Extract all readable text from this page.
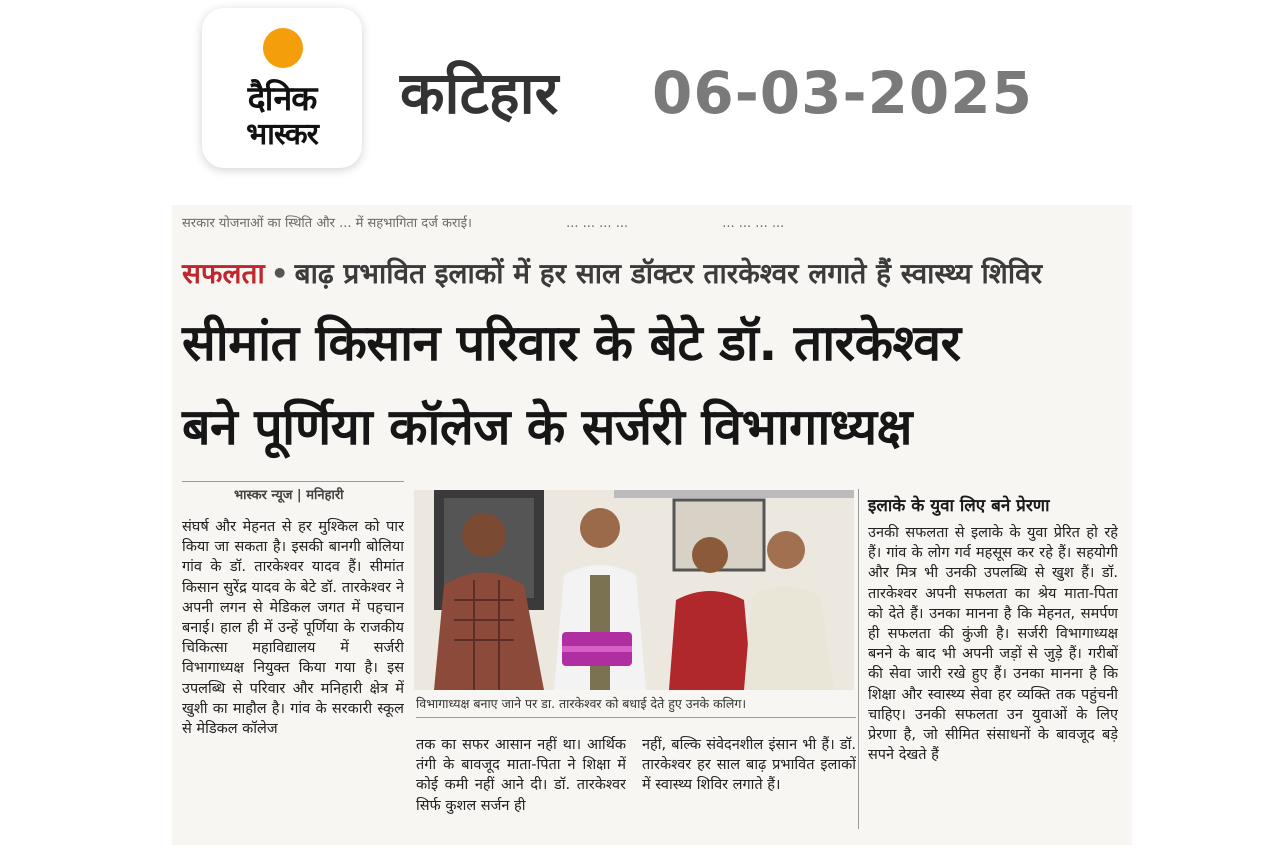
दैनिक
भास्कर
कटिहार 06-03-2025
सरकार योजनाओं का स्थिति और ... में सहभागिता दर्ज कराई।	... ... ... ...	... ... ... ...
सफलता • बाढ़ प्रभावित इलाकों में हर साल डॉक्टर तारकेश्वर लगाते हैं स्वास्थ्य शिविर
सीमांत किसान परिवार के बेटे डॉ. तारकेश्वर
बने पूर्णिया कॉलेज के सर्जरी विभागाध्यक्ष
भास्कर न्यूज | मनिहारी
संघर्ष और मेहनत से हर मुश्किल को पार किया जा सकता है। इसकी बानगी बोलिया गांव के डॉ. तारकेश्वर यादव हैं। सीमांत किसान सुरेंद्र यादव के बेटे डॉ. तारकेश्वर ने अपनी लगन से मेडिकल जगत में पहचान बनाई। हाल ही में उन्हें पूर्णिया के राजकीय चिकित्सा महाविद्यालय में सर्जरी विभागाध्यक्ष नियुक्त किया गया है। इस उपलब्धि से परिवार और मनिहारी क्षेत्र में खुशी का माहौल है। गांव के सरकारी स्कूल से मेडिकल कॉलेज
विभागाध्यक्ष बनाए जाने पर डा. तारकेश्वर को बधाई देते हुए उनके कलिग।
तक का सफर आसान नहीं था। आर्थिक तंगी के बावजूद माता-पिता ने शिक्षा में कोई कमी नहीं आने दी। डॉ. तारकेश्वर सिर्फ कुशल सर्जन ही
नहीं, बल्कि संवेदनशील इंसान भी हैं। डॉ. तारकेश्वर हर साल बाढ़ प्रभावित इलाकों में स्वास्थ्य शिविर लगाते हैं।
इलाके के युवा लिए बने प्रेरणा
उनकी सफलता से इलाके के युवा प्रेरित हो रहे हैं। गांव के लोग गर्व महसूस कर रहे हैं। सहयोगी और मित्र भी उनकी उपलब्धि से खुश हैं। डॉ. तारकेश्वर अपनी सफलता का श्रेय माता-पिता को देते हैं। उनका मानना है कि मेहनत, समर्पण ही सफलता की कुंजी है। सर्जरी विभागाध्यक्ष बनने के बाद भी अपनी जड़ों से जुड़े हैं। गरीबों की सेवा जारी रखे हुए हैं। उनका मानना है कि शिक्षा और स्वास्थ्य सेवा हर व्यक्ति तक पहुंचनी चाहिए। उनकी सफलता उन युवाओं के लिए प्रेरणा है, जो सीमित संसाधनों के बावजूद बड़े सपने देखते हैं
